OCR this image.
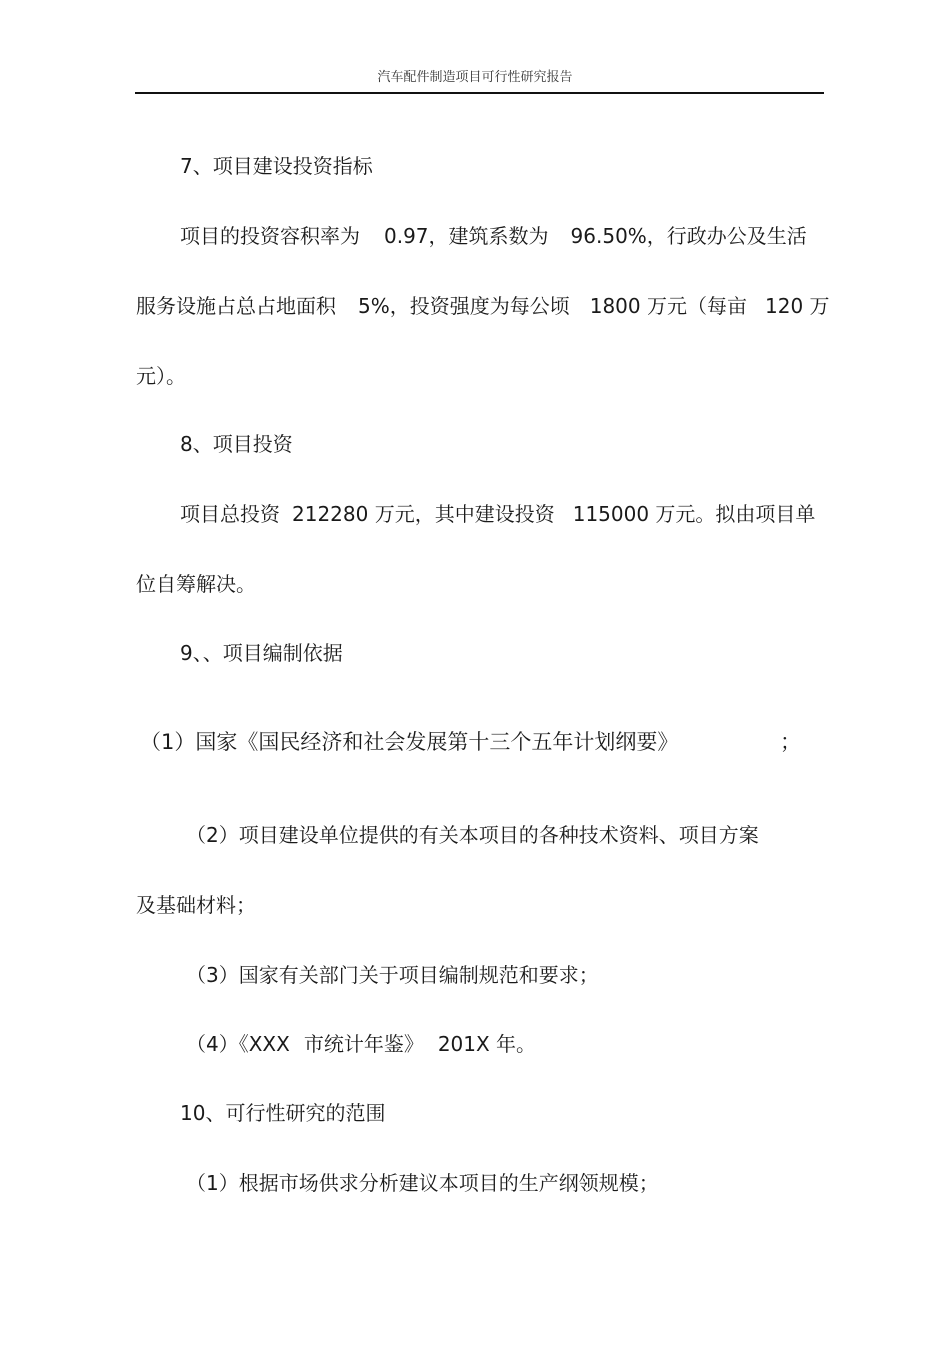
汽车配件制造项目可行性研究报告
7、项目建设投资指标
项目的投资容积率为 0.97，建筑系数为 96.50%，行政办公及生活
服务设施占总占地面积 5%，投资强度为每公顷 1800 万元（每亩 120 万
元）。
8、项目投资
项目总投资 212280 万元，其中建设投资 115000 万元。拟由项目单
位自筹解决。
9、、项目编制依据
（1）国家《国民经济和社会发展第十三个五年计划纲要》	；
（2）项目建设单位提供的有关本项目的各种技术资料、项目方案
及基础材料；
（3）国家有关部门关于项目编制规范和要求；
（4）《XXX 市统计年鉴》 201X 年。
10、可行性研究的范围
（1）根据市场供求分析建议本项目的生产纲领规模；
